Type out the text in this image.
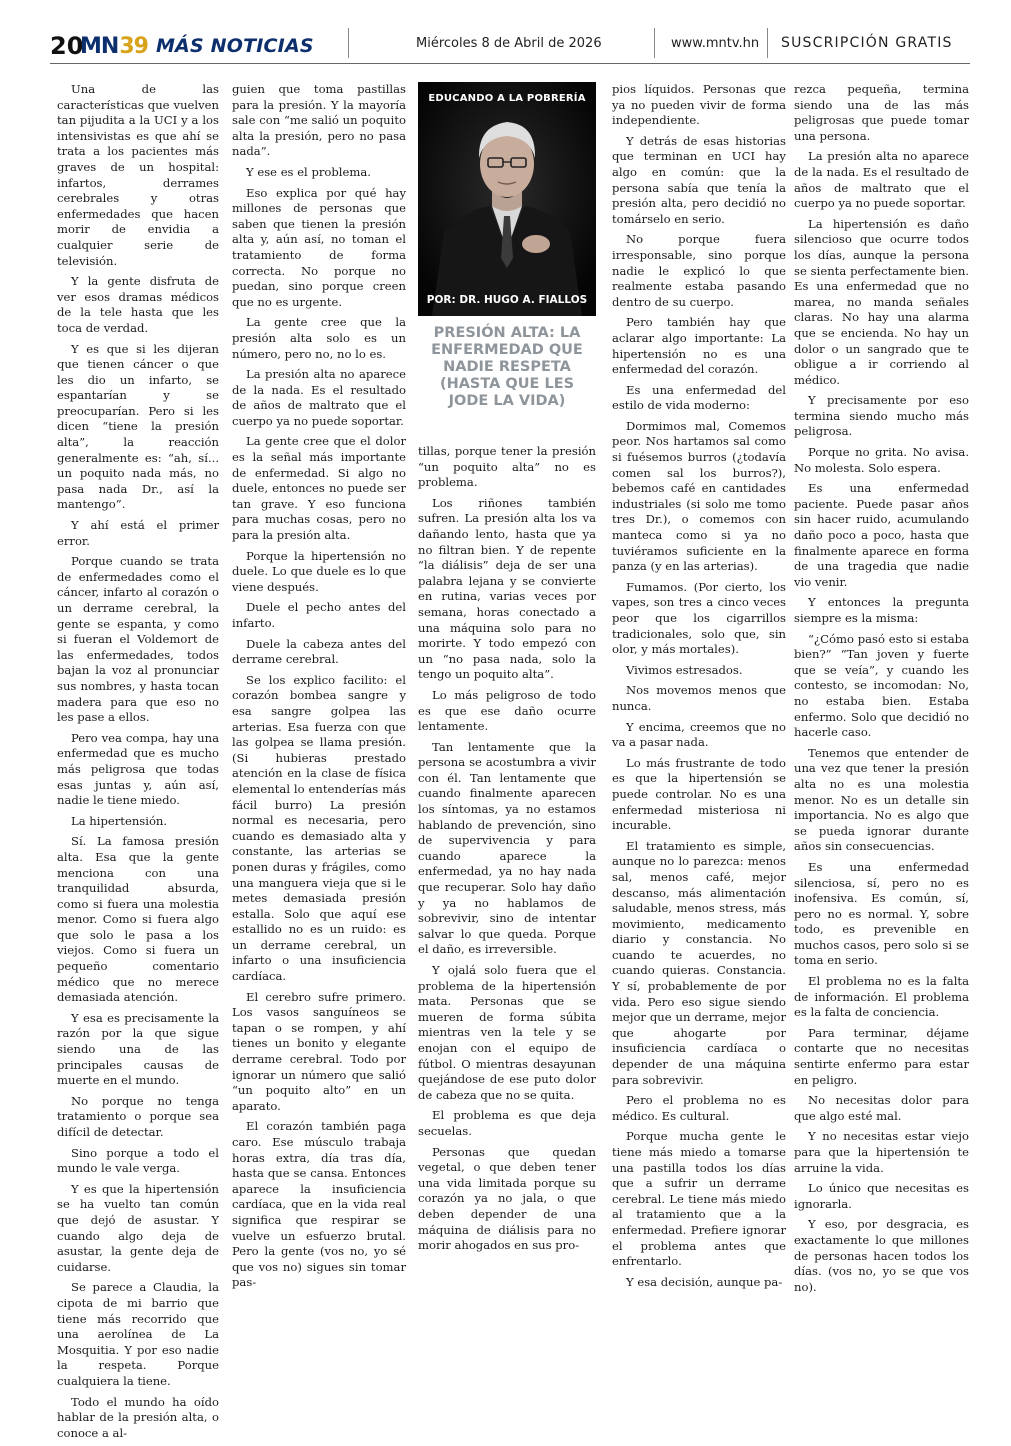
20
MN 39 MÁS NOTICIAS	Miércoles 8 de Abril de 2026	www.mntv.hn SUSCRIPCIÓN GRATIS

Una de las características que vuelven tan pijudita a la UCI y a los intensivistas es que ahí se trata a los pacientes más graves de un hospital: infartos, derrames cerebrales y otras enfermedades que hacen morir de envidia a cualquier serie de televisión.

Y la gente disfruta de ver esos dramas médicos de la tele hasta que les toca de verdad.

Y es que si les dijeran que tienen cáncer o que les dio un infarto, se espantarían y se preocuparían. Pero si les dicen “tiene la presión alta”, la reacción generalmente es: “ah, sí... un poquito nada más, no pasa nada Dr., así la mantengo”.

Y ahí está el primer error.

Porque cuando se trata de enfermedades como el cáncer, infarto al corazón o un derrame cerebral, la gente se espanta, y como si fueran el Voldemort de las enfermedades, todos bajan la voz al pronunciar sus nombres, y hasta tocan madera para que eso no les pase a ellos.

Pero vea compa, hay una enfermedad que es mucho más peligrosa que todas esas juntas y, aún así, nadie le tiene miedo.

La hipertensión.

Sí. La famosa presión alta. Esa que la gente menciona con una tranquilidad absurda, como si fuera una molestia menor. Como si fuera algo que solo le pasa a los viejos. Como si fuera un pequeño comentario médico que no merece demasiada atención.

Y esa es precisamente la razón por la que sigue siendo una de las principales causas de muerte en el mundo.

No porque no tenga tratamiento o porque sea difícil de detectar.

Sino porque a todo el mundo le vale verga.

Y es que la hipertensión se ha vuelto tan común que dejó de asustar. Y cuando algo deja de asustar, la gente deja de cuidarse.

Se parece a Claudia, la cipota de mi barrio que tiene más recorrido que una aerolínea de La Mosquitia. Y por eso nadie la respeta. Porque cualquiera la tiene.

Todo el mundo ha oído hablar de la presión alta, o conoce a al-

guien que toma pastillas para la presión. Y la mayoría sale con “me salió un poquito alta la presión, pero no pasa nada”.

Y ese es el problema.

Eso explica por qué hay millones de personas que saben que tienen la presión alta y, aún así, no toman el tratamiento de forma correcta. No porque no puedan, sino porque creen que no es urgente.

La gente cree que la presión alta solo es un número, pero no, no lo es.

La presión alta no aparece de la nada. Es el resultado de años de maltrato que el cuerpo ya no puede soportar.

La gente cree que el dolor es la señal más importante de enfermedad. Si algo no duele, entonces no puede ser tan grave. Y eso funciona para muchas cosas, pero no para la presión alta.

Porque la hipertensión no duele. Lo que duele es lo que viene después.

Duele el pecho antes del infarto.

Duele la cabeza antes del derrame cerebral.

Se los explico facilito: el corazón bombea sangre y esa sangre golpea las arterias. Esa fuerza con que las golpea se llama presión. (Si hubieras prestado atención en la clase de física elemental lo entenderías más fácil burro) La presión normal es necesaria, pero cuando es demasiado alta y constante, las arterias se ponen duras y frágiles, como una manguera vieja que si le metes demasiada presión estalla. Solo que aquí ese estallido no es un ruido: es un derrame cerebral, un infarto o una insuficiencia cardíaca.

El cerebro sufre primero. Los vasos sanguíneos se tapan o se rompen, y ahí tienes un bonito y elegante derrame cerebral. Todo por ignorar un número que salió “un poquito alto” en un aparato.

El corazón también paga caro. Ese músculo trabaja horas extra, día tras día, hasta que se cansa. Entonces aparece la insuficiencia cardíaca, que en la vida real significa que respirar se vuelve un esfuerzo brutal. Pero la gente (vos no, yo sé que vos no) sigues sin tomar pas-

EDUCANDO A LA POBRERÍA
POR: DR. HUGO A. FIALLOS
PRESIÓN ALTA: LA ENFERMEDAD QUE NADIE RESPETA (HASTA QUE LES JODE LA VIDA)

tillas, porque tener la presión “un poquito alta” no es problema.

Los riñones también sufren. La presión alta los va dañando lento, hasta que ya no filtran bien. Y de repente “la diálisis” deja de ser una palabra lejana y se convierte en rutina, varias veces por semana, horas conectado a una máquina solo para no morirte. Y todo empezó con un “no pasa nada, solo la tengo un poquito alta”.

Lo más peligroso de todo es que ese daño ocurre lentamente.

Tan lentamente que la persona se acostumbra a vivir con él. Tan lentamente que cuando finalmente aparecen los síntomas, ya no estamos hablando de prevención, sino de supervivencia y para cuando aparece la enfermedad, ya no hay nada que recuperar. Solo hay daño y ya no hablamos de sobrevivir, sino de intentar salvar lo que queda. Porque el daño, es irreversible.

Y ojalá solo fuera que el problema de la hipertensión mata. Personas que se mueren de forma súbita mientras ven la tele y se enojan con el equipo de fútbol. O mientras desayunan quejándose de ese puto dolor de cabeza que no se quita.

El problema es que deja secuelas.

Personas que quedan vegetal, o que deben tener una vida limitada porque su corazón ya no jala, o que deben depender de una máquina de diálisis para no morir ahogados en sus pro-

pios líquidos. Personas que ya no pueden vivir de forma independiente.

Y detrás de esas historias que terminan en UCI hay algo en común: que la persona sabía que tenía la presión alta, pero decidió no tomárselo en serio.

No porque fuera irresponsable, sino porque nadie le explicó lo que realmente estaba pasando dentro de su cuerpo.

Pero también hay que aclarar algo importante: La hipertensión no es una enfermedad del corazón.

Es una enfermedad del estilo de vida moderno:

Dormimos mal, Comemos peor. Nos hartamos sal como si fuésemos burros (¿todavía comen sal los burros?), bebemos café en cantidades industriales (si solo me tomo tres Dr.), o comemos con manteca como si ya no tuviéramos suficiente en la panza (y en las arterias).

Fumamos. (Por cierto, los vapes, son tres a cinco veces peor que los cigarrillos tradicionales, solo que, sin olor, y más mortales).

Vivimos estresados.

Nos movemos menos que nunca.

Y encima, creemos que no va a pasar nada.

Lo más frustrante de todo es que la hipertensión se puede controlar. No es una enfermedad misteriosa ni incurable.

El tratamiento es simple, aunque no lo parezca: menos sal, menos café, mejor descanso, más alimentación saludable, menos stress, más movimiento, medicamento diario y constancia. No cuando te acuerdes, no cuando quieras. Constancia. Y sí, probablemente de por vida. Pero eso sigue siendo mejor que un derrame, mejor que ahogarte por insuficiencia cardíaca o depender de una máquina para sobrevivir.

Pero el problema no es médico. Es cultural.

Porque mucha gente le tiene más miedo a tomarse una pastilla todos los días que a sufrir un derrame cerebral. Le tiene más miedo al tratamiento que a la enfermedad. Prefiere ignorar el problema antes que enfrentarlo.

Y esa decisión, aunque pa-

rezca pequeña, termina siendo una de las más peligrosas que puede tomar una persona.

La presión alta no aparece de la nada. Es el resultado de años de maltrato que el cuerpo ya no puede soportar.

La hipertensión es daño silencioso que ocurre todos los días, aunque la persona se sienta perfectamente bien. Es una enfermedad que no marea, no manda señales claras. No hay una alarma que se encienda. No hay un dolor o un sangrado que te obligue a ir corriendo al médico.

Y precisamente por eso termina siendo mucho más peligrosa.

Porque no grita. No avisa. No molesta. Solo espera.

Es una enfermedad paciente. Puede pasar años sin hacer ruido, acumulando daño poco a poco, hasta que finalmente aparece en forma de una tragedia que nadie vio venir.

Y entonces la pregunta siempre es la misma:

“¿Cómo pasó esto si estaba bien?” “Tan joven y fuerte que se veía”, y cuando les contesto, se incomodan: No, no estaba bien. Estaba enfermo. Solo que decidió no hacerle caso.

Tenemos que entender de una vez que tener la presión alta no es una molestia menor. No es un detalle sin importancia. No es algo que se pueda ignorar durante años sin consecuencias.

Es una enfermedad silenciosa, sí, pero no es inofensiva. Es común, sí, pero no es normal. Y, sobre todo, es prevenible en muchos casos, pero solo si se toma en serio.

El problema no es la falta de información. El problema es la falta de conciencia.

Para terminar, déjame contarte que no necesitas sentirte enfermo para estar en peligro.

No necesitas dolor para que algo esté mal.

Y no necesitas estar viejo para que la hipertensión te arruine la vida.

Lo único que necesitas es ignorarla.

Y eso, por desgracia, es exactamente lo que millones de personas hacen todos los días. (vos no, yo se que vos no).
